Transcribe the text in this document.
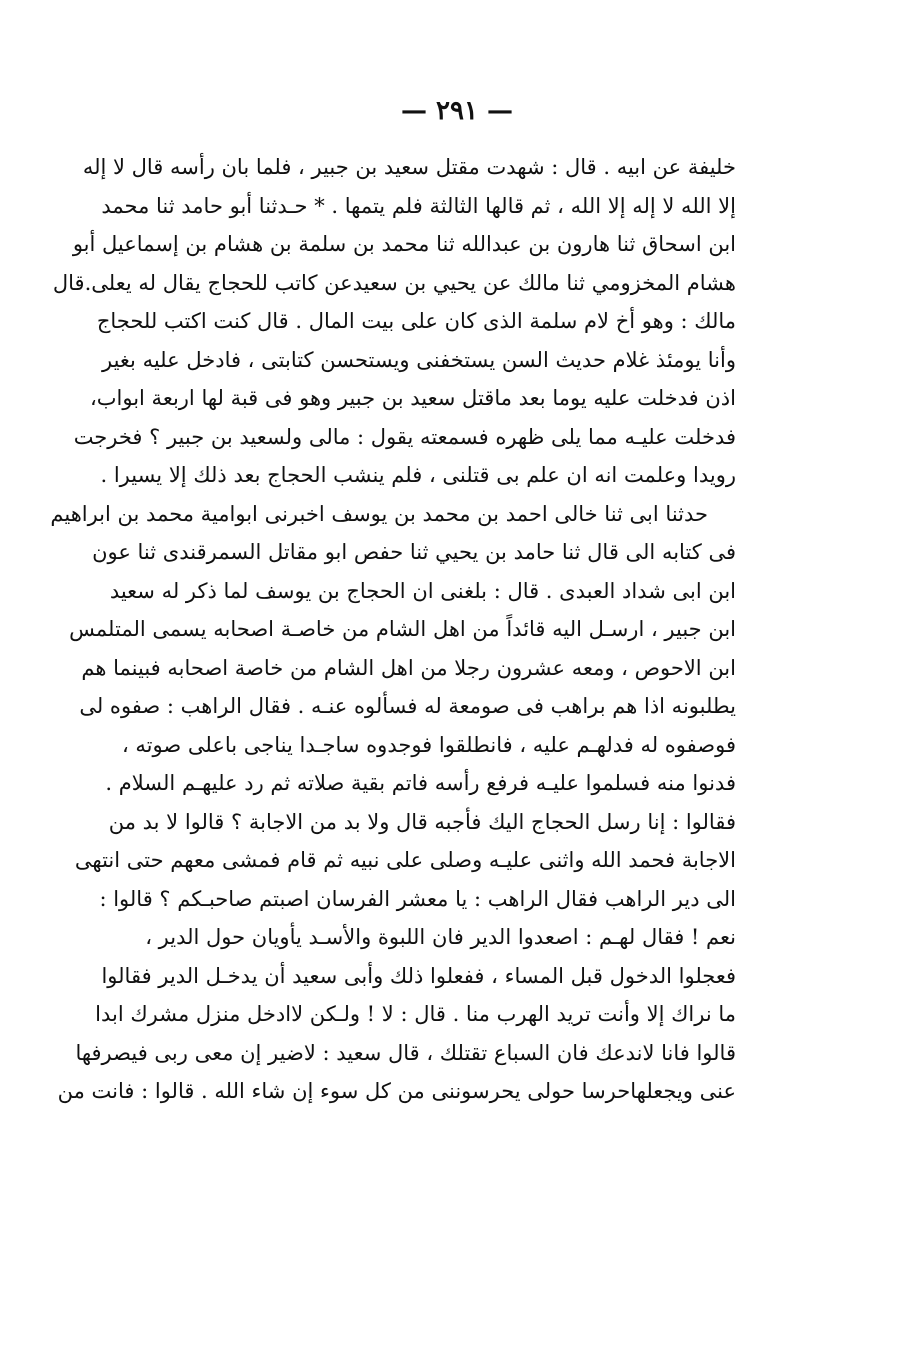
— ٢٩١ —
خليفة عن ابيه . قال : شهدت مقتل سعيد بن جبير ، فلما بان رأسه قال لا إله
إلا الله لا إله إلا الله ، ثم قالها الثالثة فلم يتمها . * حـدثنا أبو حامد ثنا محمد
ابن اسحاق ثنا هارون بن عبدالله ثنا محمد بن سلمة بن هشام بن إسماعيل أبو
هشام المخزومي ثنا مالك عن يحيي بن سعيدعن كاتب للحجاج يقال له يعلى.قال
مالك : وهو أخ لام سلمة الذى كان على بيت المال . قال كنت اكتب للحجاج
وأنا يومئذ غلام حديث السن يستخفنى ويستحسن كتابتى ، فادخل عليه بغير
اذن فدخلت عليه يوما بعد ماقتل سعيد بن جبير وهو فى قبة لها اربعة ابواب،
فدخلت عليـه مما يلى ظهره فسمعته يقول : مالى ولسعيد بن جبير ؟ فخرجت
رويدا وعلمت انه ان علم بى قتلنى ، فلم ينشب الحجاج بعد ذلك إلا يسيرا .
حدثنا ابى ثنا خالى احمد بن محمد بن يوسف اخبرنى ابوامية محمد بن ابراهيم
فى كتابه الى قال ثنا حامد بن يحيي ثنا حفص ابو مقاتل السمرقندى ثنا عون
ابن ابى شداد العبدى . قال : بلغنى ان الحجاج بن يوسف لما ذكر له سعيد
ابن جبير ، ارسـل اليه قائداً من اهل الشام من خاصـة اصحابه يسمى المتلمس
ابن الاحوص ، ومعه عشرون رجلا من اهل الشام من خاصة اصحابه فبينما هم
يطلبونه اذا هم براهب فى صومعة له فسألوه عنـه . فقال الراهب : صفوه لى
فوصفوه له فدلهـم عليه ، فانطلقوا فوجدوه ساجـدا يناجى باعلى صوته ،
فدنوا منه فسلموا عليـه فرفع رأسه فاتم بقية صلاته ثم رد عليهـم السلام .
فقالوا : إنا رسل الحجاج اليك فأجبه قال ولا بد من الاجابة ؟ قالوا لا بد من
الاجابة فحمد الله واثنى عليـه وصلى على نبيه ثم قام فمشى معهم حتى انتهى
الى دير الراهب فقال الراهب : يا معشر الفرسان اصبتم صاحبـكم ؟ قالوا :
نعم ! فقال لهـم : اصعدوا الدير فان اللبوة والأسـد يأويان حول الدير ،
فعجلوا الدخول قبل المساء ، ففعلوا ذلك وأبى سعيد أن يدخـل الدير فقالوا
ما نراك إلا وأنت تريد الهرب منا . قال : لا ! ولـكن لاادخل منزل مشرك ابدا
قالوا فانا لاندعك فان السباع تقتلك ، قال سعيد : لاضير إن معى ربى فيصرفها
عنى ويجعلهاحرسا حولى يحرسوننى من كل سوء إن شاء الله . قالوا : فانت من
